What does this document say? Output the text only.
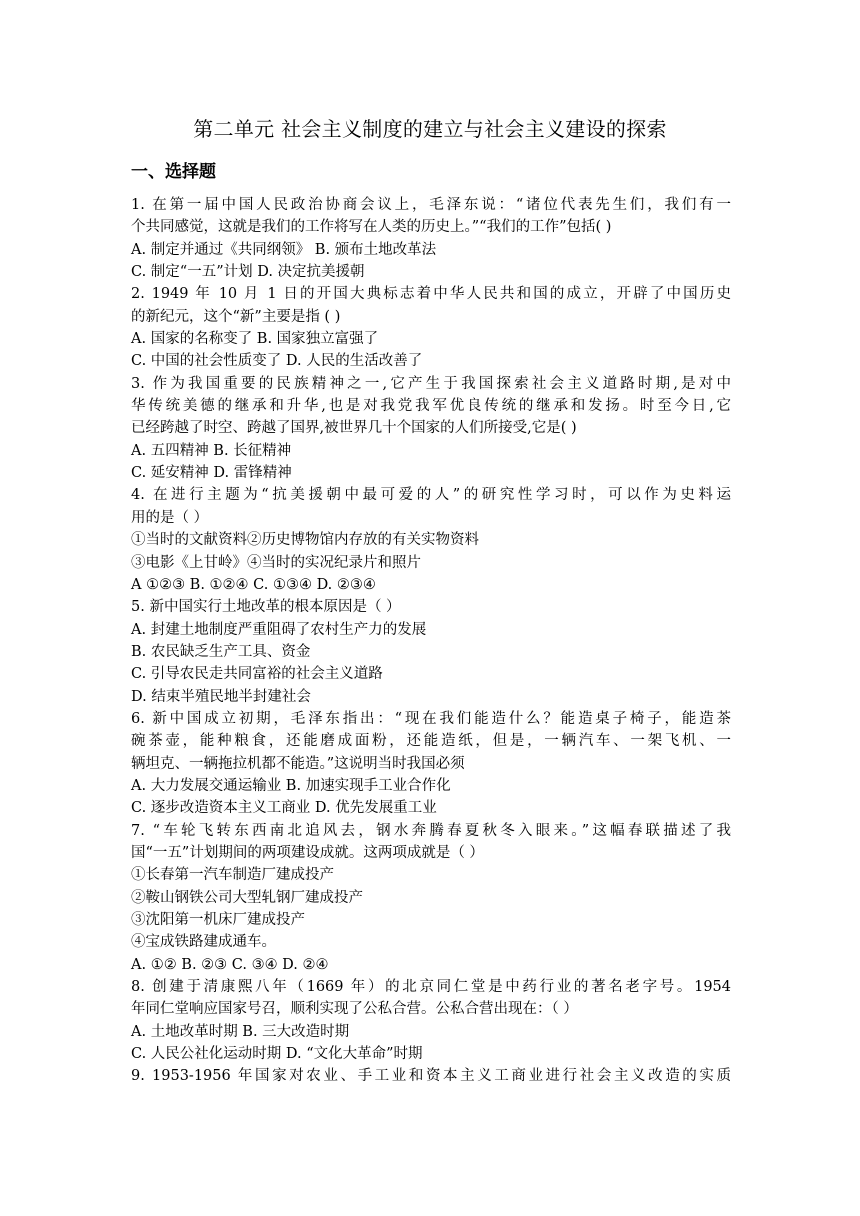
第二单元 社会主义制度的建立与社会主义建设的探索
一、选择题
1. 在第一届中国人民政治协商会议上，毛泽东说：“诸位代表先生们，我们有一
个共同感觉，这就是我们的工作将写在人类的历史上。”“我们的工作”包括( )
A. 制定并通过《共同纲领》 B. 颁布土地改革法
C. 制定“一五”计划 D. 决定抗美援朝
2. 1949 年 10 月 1 日的开国大典标志着中华人民共和国的成立，开辟了中国历史
的新纪元，这个“新”主要是指 ( )
A. 国家的名称变了 B. 国家独立富强了
C. 中国的社会性质变了 D. 人民的生活改善了
3. 作为我国重要的民族精神之一,它产生于我国探索社会主义道路时期,是对中
华传统美德的继承和升华,也是对我党我军优良传统的继承和发扬。时至今日,它
已经跨越了时空、跨越了国界,被世界几十个国家的人们所接受,它是( )
A. 五四精神 B. 长征精神
C. 延安精神 D. 雷锋精神
4. 在进行主题为“抗美援朝中最可爱的人”的研究性学习时，可以作为史料运
用的是（ ）
①当时的文献资料②历史博物馆内存放的有关实物资料
③电影《上甘岭》④当时的实况纪录片和照片
A ①②③ B. ①②④ C. ①③④ D. ②③④
5. 新中国实行土地改革的根本原因是（ ）
A. 封建土地制度严重阻碍了农村生产力的发展
B. 农民缺乏生产工具、资金
C. 引导农民走共同富裕的社会主义道路
D. 结束半殖民地半封建社会
6. 新中国成立初期，毛泽东指出：“现在我们能造什么？能造桌子椅子，能造茶
碗茶壶，能种粮食，还能磨成面粉，还能造纸，但是，一辆汽车、一架飞机、一
辆坦克、一辆拖拉机都不能造。”这说明当时我国必须
A. 大力发展交通运输业 B. 加速实现手工业合作化
C. 逐步改造资本主义工商业 D. 优先发展重工业
7. “车轮飞转东西南北追风去，钢水奔腾春夏秋冬入眼来。”这幅春联描述了我
国“一五”计划期间的两项建设成就。这两项成就是（ ）
①长春第一汽车制造厂建成投产
②鞍山钢铁公司大型轧钢厂建成投产
③沈阳第一机床厂建成投产
④宝成铁路建成通车。
A. ①② B. ②③ C. ③④ D. ②④
8. 创建于清康熙八年（1669 年）的北京同仁堂是中药行业的著名老字号。1954
年同仁堂响应国家号召，顺利实现了公私合营。公私合营出现在：（ ）
A. 土地改革时期 B. 三大改造时期
C. 人民公社化运动时期 D. “文化大革命”时期
9. 1953-1956 年国家对农业、手工业和资本主义工商业进行社会主义改造的实质
